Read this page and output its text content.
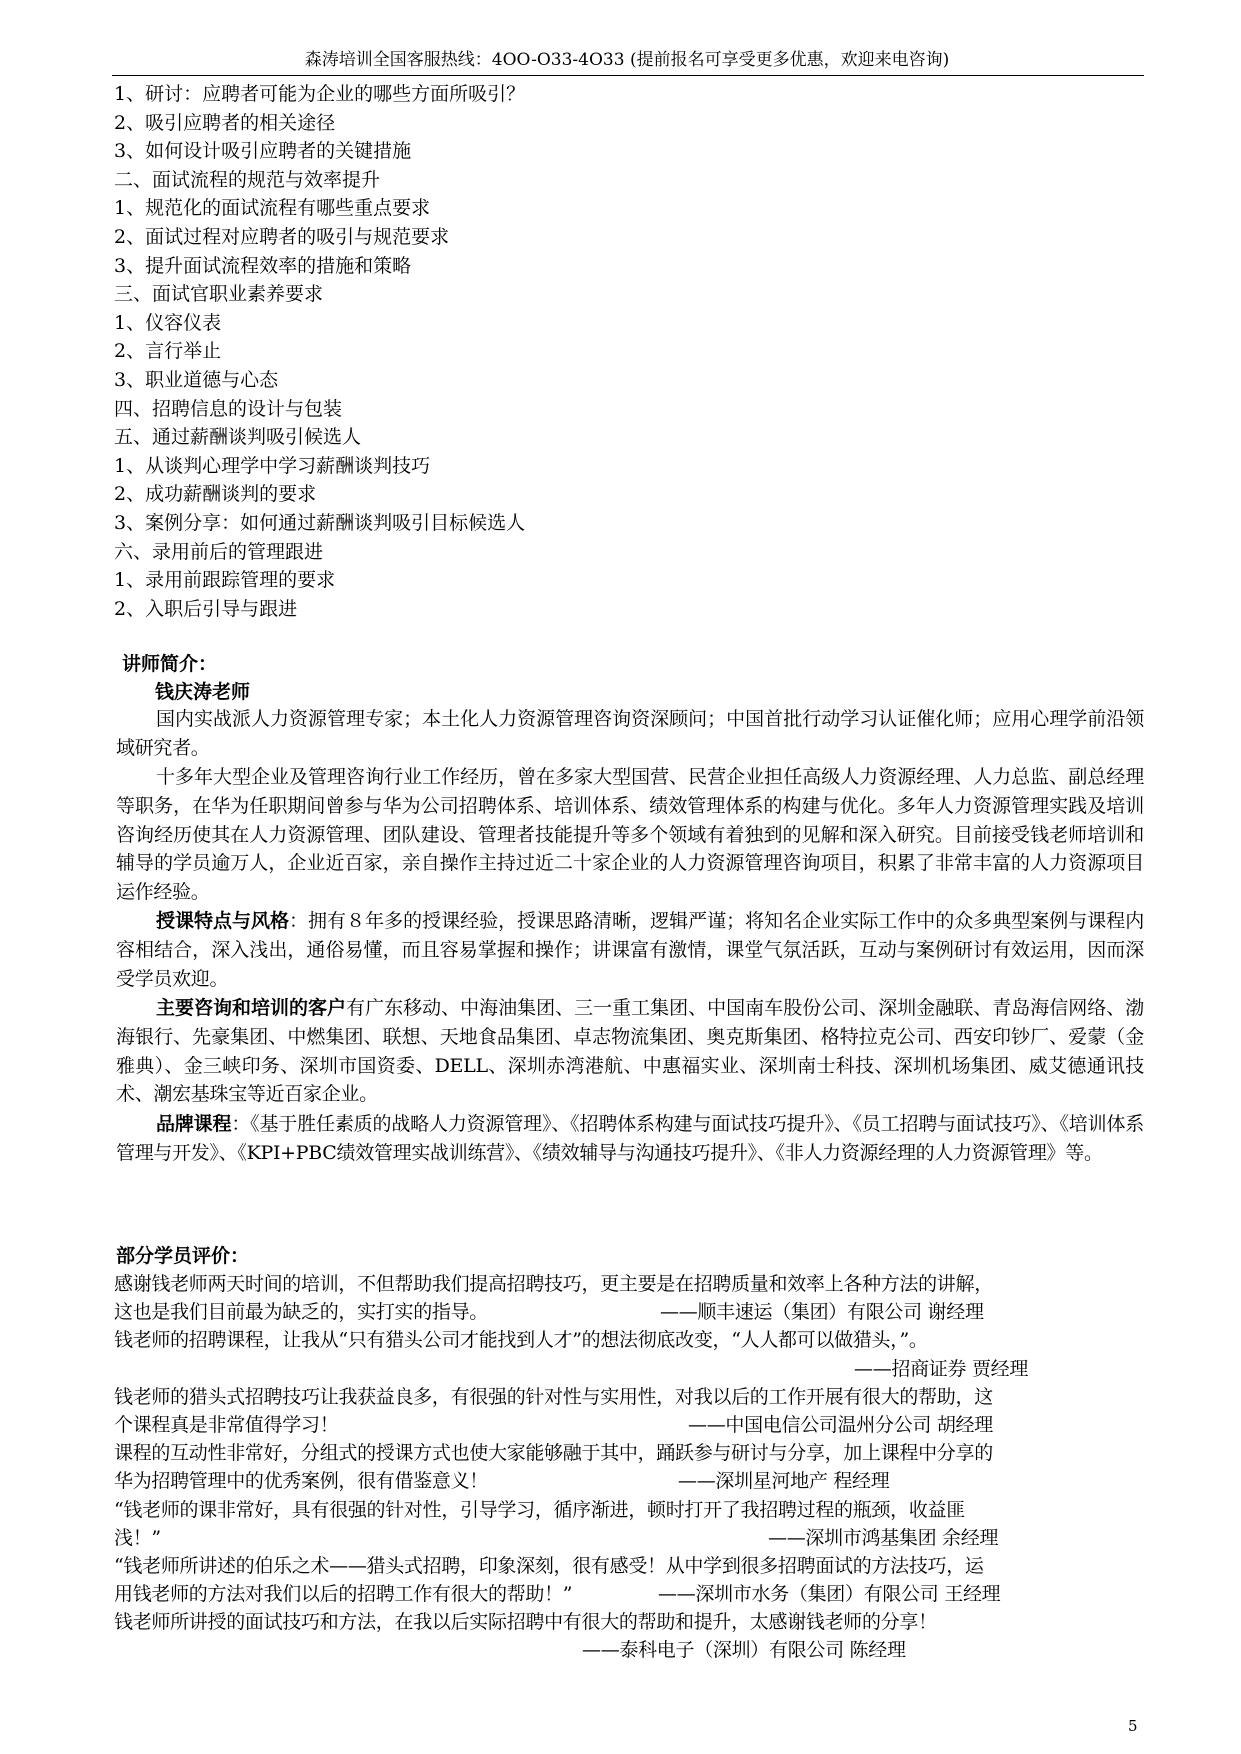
森涛培训全国客服热线：4OO-O33-4O33 (提前报名可享受更多优惠，欢迎来电咨询)
1、研讨：应聘者可能为企业的哪些方面所吸引？
2、吸引应聘者的相关途径
3、如何设计吸引应聘者的关键措施
二、面试流程的规范与效率提升
1、规范化的面试流程有哪些重点要求
2、面试过程对应聘者的吸引与规范要求
3、提升面试流程效率的措施和策略
三、面试官职业素养要求
1、仪容仪表
2、言行举止
3、职业道德与心态
四、招聘信息的设计与包装
五、通过薪酬谈判吸引候选人
1、从谈判心理学中学习薪酬谈判技巧
2、成功薪酬谈判的要求
3、案例分享：如何通过薪酬谈判吸引目标候选人
六、录用前后的管理跟进
1、录用前跟踪管理的要求
2、入职后引导与跟进
讲师简介：
钱庆涛老师
国内实战派人力资源管理专家；本土化人力资源管理咨询资深顾问；中国首批行动学习认证催化师；应用心理学前沿领域研究者。
十多年大型企业及管理咨询行业工作经历，曾在多家大型国营、民营企业担任高级人力资源经理、人力总监、副总经理等职务，在华为任职期间曾参与华为公司招聘体系、培训体系、绩效管理体系的构建与优化。多年人力资源管理实践及培训咨询经历使其在人力资源管理、团队建设、管理者技能提升等多个领域有着独到的见解和深入研究。目前接受钱老师培训和辅导的学员逾万人，企业近百家，亲自操作主持过近二十家企业的人力资源管理咨询项目，积累了非常丰富的人力资源项目运作经验。
授课特点与风格：拥有８年多的授课经验，授课思路清晰，逻辑严谨；将知名企业实际工作中的众多典型案例与课程内容相结合，深入浅出，通俗易懂，而且容易掌握和操作；讲课富有激情，课堂气氛活跃，互动与案例研讨有效运用，因而深受学员欢迎。
主要咨询和培训的客户有广东移动、中海油集团、三一重工集团、中国南车股份公司、深圳金融联、青岛海信网络、渤海银行、先豪集团、中燃集团、联想、天地食品集团、卓志物流集团、奥克斯集团、格特拉克公司、西安印钞厂、爱蒙（金雅典）、金三峡印务、深圳市国资委、DELL、深圳赤湾港航、中惠福实业、深圳南士科技、深圳机场集团、威艾德通讯技术、潮宏基珠宝等近百家企业。
品牌课程：《基于胜任素质的战略人力资源管理》、《招聘体系构建与面试技巧提升》、《员工招聘与面试技巧》、《培训体系管理与开发》、《KPI+PBC绩效管理实战训练营》、《绩效辅导与沟通技巧提升》、《非人力资源经理的人力资源管理》等。
部分学员评价：
感谢钱老师两天时间的培训，不但帮助我们提高招聘技巧，更主要是在招聘质量和效率上各种方法的讲解，
这也是我们目前最为缺乏的，实打实的指导。	——顺丰速运（集团）有限公司 谢经理
钱老师的招聘课程，让我从“只有猎头公司才能找到人才”的想法彻底改变，“人人都可以做猎头，”。
——招商证券 贾经理
钱老师的猎头式招聘技巧让我获益良多，有很强的针对性与实用性，对我以后的工作开展有很大的帮助，这
个课程真是非常值得学习！	——中国电信公司温州分公司 胡经理
课程的互动性非常好，分组式的授课方式也使大家能够融于其中，踊跃参与研讨与分享，加上课程中分享的
华为招聘管理中的优秀案例，很有借鉴意义！	——深圳星河地产 程经理
“钱老师的课非常好，具有很强的针对性，引导学习，循序渐进，顿时打开了我招聘过程的瓶颈，收益匪
浅！”	——深圳市鸿基集团 余经理
“钱老师所讲述的伯乐之术——猎头式招聘，印象深刻，很有感受！从中学到很多招聘面试的方法技巧，运
用钱老师的方法对我们以后的招聘工作有很大的帮助！”	——深圳市水务（集团）有限公司 王经理
钱老师所讲授的面试技巧和方法，在我以后实际招聘中有很大的帮助和提升，太感谢钱老师的分享！
——泰科电子（深圳）有限公司 陈经理
5
